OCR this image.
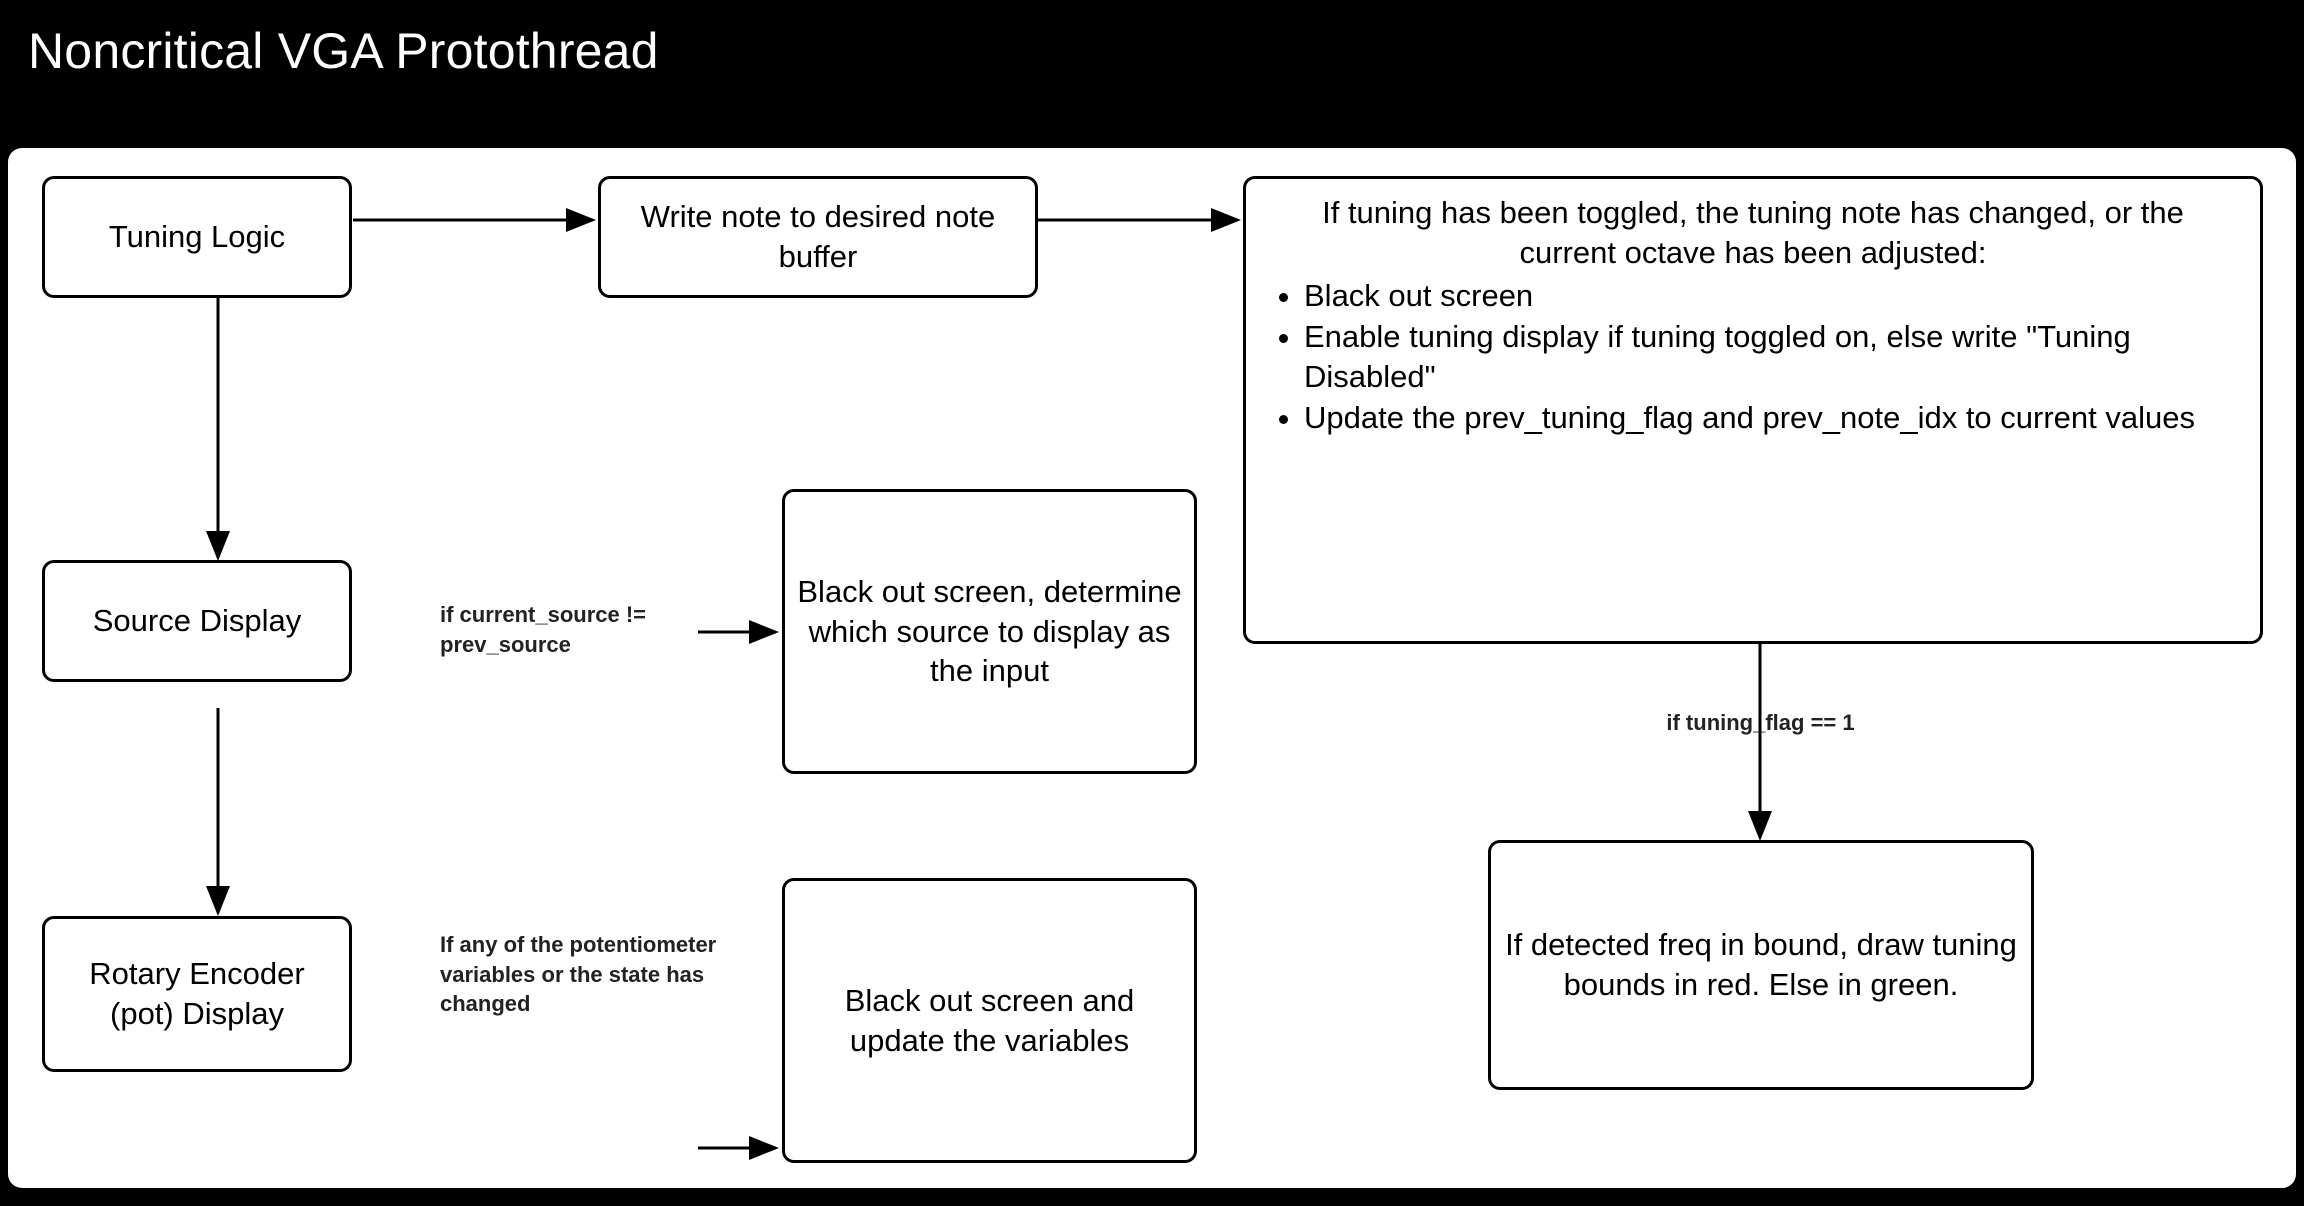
Noncritical VGA Protothread
Tuning Logic
Write note to desired note buffer
Source Display
Black out screen, determine which source to display as the input
Rotary Encoder (pot) Display	Black out screen and update the variables
If tuning has been toggled, the tuning note has changed, or the current octave has been adjusted:
• Black out screen
• Enable tuning display if tuning toggled on, else write "Tuning Disabled"
• Update the prev_tuning_flag and prev_note_idx to current values
If detected freq in bound, draw tuning bounds in red. Else in green.
if current_source != prev_source
If any of the potentiometer variables or the state has changed
if tuning_flag == 1
